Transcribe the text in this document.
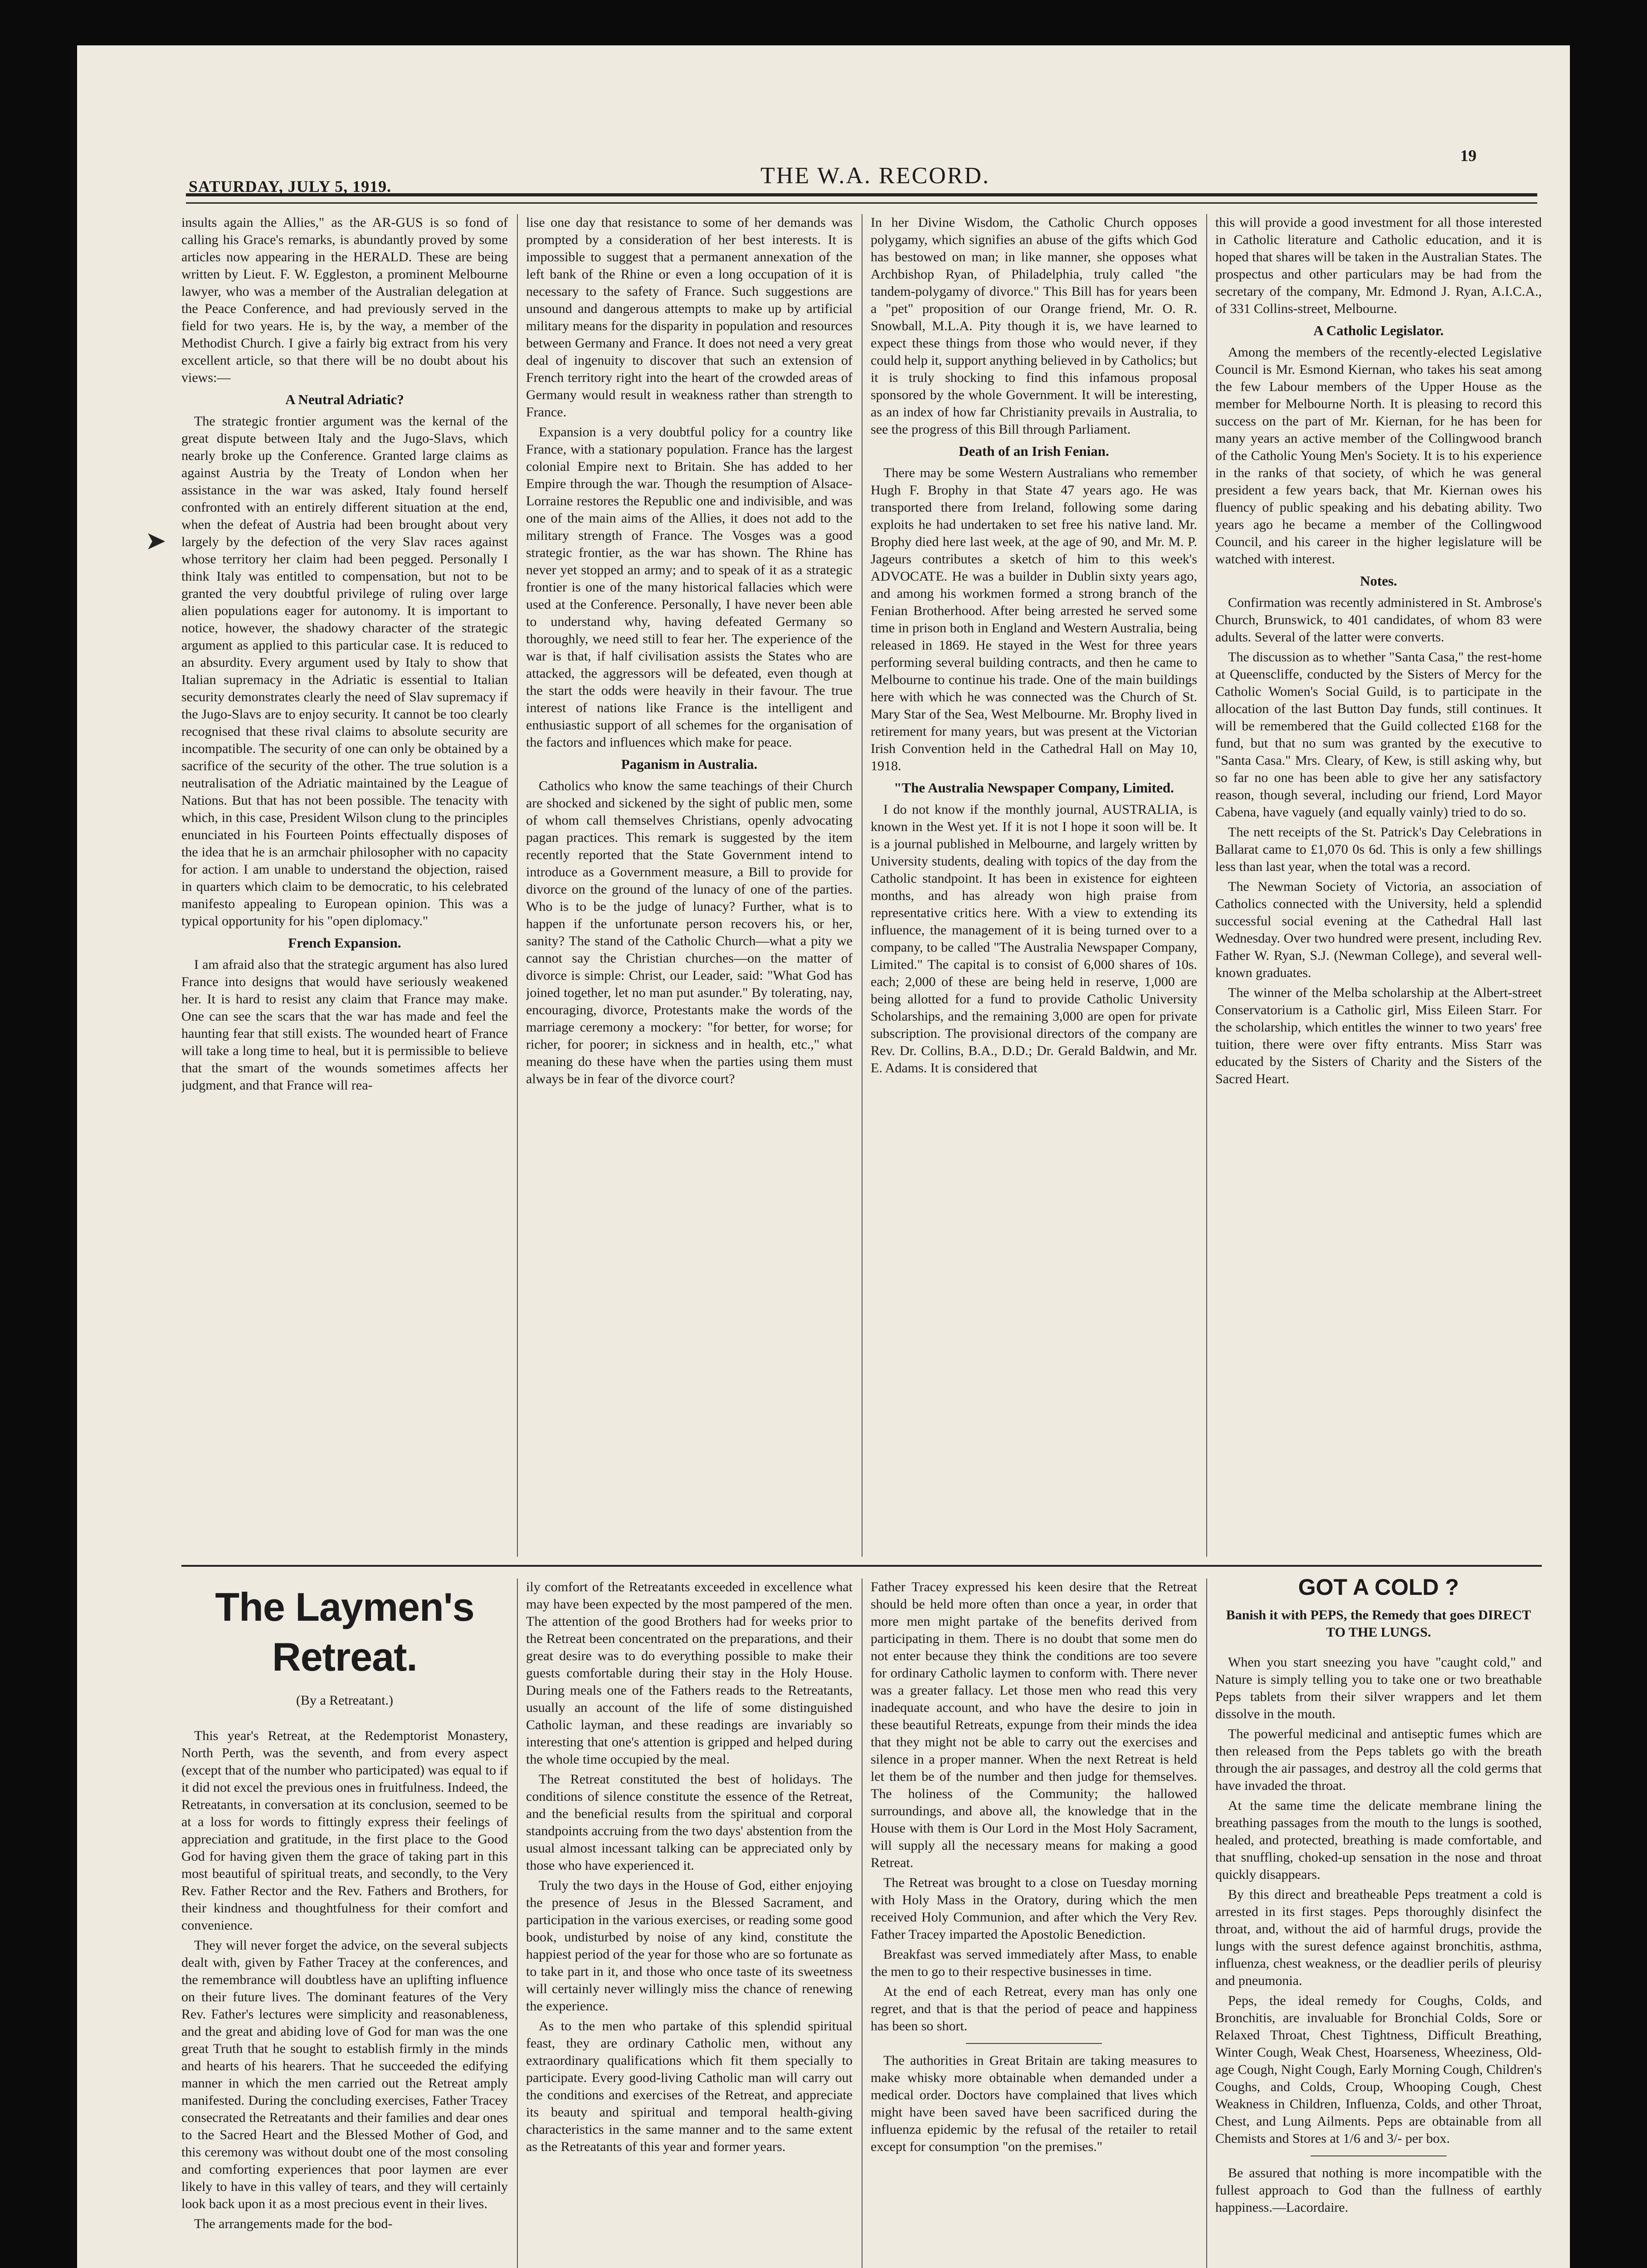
SATURDAY, JULY 5, 1919.	THE W.A. RECORD.
19

insults again the Allies," as the AR-GUS is so fond of calling his Grace's remarks, is abundantly proved by some articles now appearing in the HERALD. These are being written by Lieut. F. W. Eggleston, a prominent Melbourne lawyer, who was a member of the Australian delegation at the Peace Conference, and had previously served in the field for two years. He is, by the way, a member of the Methodist Church. I give a fairly big extract from his very excellent article, so that there will be no doubt about his views:—

A Neutral Adriatic?

The strategic frontier argument was the kernal of the great dispute between Italy and the Jugo-Slavs, which nearly broke up the Conference. Granted large claims as against Austria by the Treaty of London when her assistance in the war was asked, Italy found herself confronted with an entirely different situation at the end, when the defeat of Austria had been brought about very largely by the defection of the very Slav races against whose territory her claim had been pegged. Personally I think Italy was entitled to compensation, but not to be granted the very doubtful privilege of ruling over large alien populations eager for autonomy. It is important to notice, however, the shadowy character of the strategic argument as applied to this particular case. It is reduced to an absurdity. Every argument used by Italy to show that Italian supremacy in the Adriatic is essential to Italian security demonstrates clearly the need of Slav supremacy if the Jugo-Slavs are to enjoy security. It cannot be too clearly recognised that these rival claims to absolute security are incompatible. The security of one can only be obtained by a sacrifice of the security of the other. The true solution is a neutralisation of the Adriatic maintained by the League of Nations. But that has not been possible. The tenacity with which, in this case, President Wilson clung to the principles enunciated in his Fourteen Points effectually disposes of the idea that he is an armchair philosopher with no capacity for action. I am unable to understand the objection, raised in quarters which claim to be democratic, to his celebrated manifesto appealing to European opinion. This was a typical opportunity for his "open diplomacy."

French Expansion.

I am afraid also that the strategic argument has also lured France into designs that would have seriously weakened her. It is hard to resist any claim that France may make. One can see the scars that the war has made and feel the haunting fear that still exists. The wounded heart of France will take a long time to heal, but it is permissible to believe that the smart of the wounds sometimes affects her judgment, and that France will rea-

lise one day that resistance to some of her demands was prompted by a consideration of her best interests. It is impossible to suggest that a permanent annexation of the left bank of the Rhine or even a long occupation of it is necessary to the safety of France. Such suggestions are unsound and dangerous attempts to make up by artificial military means for the disparity in population and resources between Germany and France. It does not need a very great deal of ingenuity to discover that such an extension of French territory right into the heart of the crowded areas of Germany would result in weakness rather than strength to France.

Expansion is a very doubtful policy for a country like France, with a stationary population. France has the largest colonial Empire next to Britain. She has added to her Empire through the war. Though the resumption of Alsace-Lorraine restores the Republic one and indivisible, and was one of the main aims of the Allies, it does not add to the military strength of France. The Vosges was a good strategic frontier, as the war has shown. The Rhine has never yet stopped an army; and to speak of it as a strategic frontier is one of the many historical fallacies which were used at the Conference. Personally, I have never been able to understand why, having defeated Germany so thoroughly, we need still to fear her. The experience of the war is that, if half civilisation assists the States who are attacked, the aggressors will be defeated, even though at the start the odds were heavily in their favour. The true interest of nations like France is the intelligent and enthusiastic support of all schemes for the organisation of the factors and influences which make for peace.

Paganism in Australia.

Catholics who know the same teachings of their Church are shocked and sickened by the sight of public men, some of whom call themselves Christians, openly advocating pagan practices. This remark is suggested by the item recently reported that the State Government intend to introduce as a Government measure, a Bill to provide for divorce on the ground of the lunacy of one of the parties. Who is to be the judge of lunacy? Further, what is to happen if the unfortunate person recovers his, or her, sanity? The stand of the Catholic Church—what a pity we cannot say the Christian churches—on the matter of divorce is simple: Christ, our Leader, said: "What God has joined together, let no man put asunder." By tolerating, nay, encouraging, divorce, Protestants make the words of the marriage ceremony a mockery: "for better, for worse; for richer, for poorer; in sickness and in health, etc.," what meaning do these have when the parties using them must always be in fear of the divorce court?

In her Divine Wisdom, the Catholic Church opposes polygamy, which signifies an abuse of the gifts which God has bestowed on man; in like manner, she opposes what Archbishop Ryan, of Philadelphia, truly called "the tandem-polygamy of divorce." This Bill has for years been a "pet" proposition of our Orange friend, Mr. O. R. Snowball, M.L.A. Pity though it is, we have learned to expect these things from those who would never, if they could help it, support anything believed in by Catholics; but it is truly shocking to find this infamous proposal sponsored by the whole Government. It will be interesting, as an index of how far Christianity prevails in Australia, to see the progress of this Bill through Parliament.

Death of an Irish Fenian.

There may be some Western Australians who remember Hugh F. Brophy in that State 47 years ago. He was transported there from Ireland, following some daring exploits he had undertaken to set free his native land. Mr. Brophy died here last week, at the age of 90, and Mr. M. P. Jageurs contributes a sketch of him to this week's ADVOCATE. He was a builder in Dublin sixty years ago, and among his workmen formed a strong branch of the Fenian Brotherhood. After being arrested he served some time in prison both in England and Western Australia, being released in 1869. He stayed in the West for three years performing several building contracts, and then he came to Melbourne to continue his trade. One of the main buildings here with which he was connected was the Church of St. Mary Star of the Sea, West Melbourne. Mr. Brophy lived in retirement for many years, but was present at the Victorian Irish Convention held in the Cathedral Hall on May 10, 1918.

"The Australia Newspaper Company, Limited.

I do not know if the monthly journal, AUSTRALIA, is known in the West yet. If it is not I hope it soon will be. It is a journal published in Melbourne, and largely written by University students, dealing with topics of the day from the Catholic standpoint. It has been in existence for eighteen months, and has already won high praise from representative critics here. With a view to extending its influence, the management of it is being turned over to a company, to be called "The Australia Newspaper Company, Limited." The capital is to consist of 6,000 shares of 10s. each; 2,000 of these are being held in reserve, 1,000 are being allotted for a fund to provide Catholic University Scholarships, and the remaining 3,000 are open for private subscription. The provisional directors of the company are Rev. Dr. Collins, B.A., D.D.; Dr. Gerald Baldwin, and Mr. E. Adams. It is considered that

this will provide a good investment for all those interested in Catholic literature and Catholic education, and it is hoped that shares will be taken in the Australian States. The prospectus and other particulars may be had from the secretary of the company, Mr. Edmond J. Ryan, A.I.C.A., of 331 Collins-street, Melbourne.

A Catholic Legislator.

Among the members of the recently-elected Legislative Council is Mr. Esmond Kiernan, who takes his seat among the few Labour members of the Upper House as the member for Melbourne North. It is pleasing to record this success on the part of Mr. Kiernan, for he has been for many years an active member of the Collingwood branch of the Catholic Young Men's Society. It is to his experience in the ranks of that society, of which he was general president a few years back, that Mr. Kiernan owes his fluency of public speaking and his debating ability. Two years ago he became a member of the Collingwood Council, and his career in the higher legislature will be watched with interest.

Notes.

Confirmation was recently administered in St. Ambrose's Church, Brunswick, to 401 candidates, of whom 83 were adults. Several of the latter were converts.

The discussion as to whether "Santa Casa," the rest-home at Queenscliffe, conducted by the Sisters of Mercy for the Catholic Women's Social Guild, is to participate in the allocation of the last Button Day funds, still continues. It will be remembered that the Guild collected £168 for the fund, but that no sum was granted by the executive to "Santa Casa." Mrs. Cleary, of Kew, is still asking why, but so far no one has been able to give her any satisfactory reason, though several, including our friend, Lord Mayor Cabena, have vaguely (and equally vainly) tried to do so.

The nett receipts of the St. Patrick's Day Celebrations in Ballarat came to £1,070 0s 6d. This is only a few shillings less than last year, when the total was a record.

The Newman Society of Victoria, an association of Catholics connected with the University, held a splendid successful social evening at the Cathedral Hall last Wednesday. Over two hundred were present, including Rev. Father W. Ryan, S.J. (Newman College), and several well-known graduates.

The winner of the Melba scholarship at the Albert-street Conservatorium is a Catholic girl, Miss Eileen Starr. For the scholarship, which entitles the winner to two years' free tuition, there were over fifty entrants. Miss Starr was educated by the Sisters of Charity and the Sisters of the Sacred Heart.

The Laymen's Retreat.
(By a Retreatant.)

This year's Retreat, at the Redemptorist Monastery, North Perth, was the seventh, and from every aspect (except that of the number who participated) was equal to if it did not excel the previous ones in fruitfulness. Indeed, the Retreatants, in conversation at its conclusion, seemed to be at a loss for words to fittingly express their feelings of appreciation and gratitude, in the first place to the Good God for having given them the grace of taking part in this most beautiful of spiritual treats, and secondly, to the Very Rev. Father Rector and the Rev. Fathers and Brothers, for their kindness and thoughtfulness for their comfort and convenience.

They will never forget the advice, on the several subjects dealt with, given by Father Tracey at the conferences, and the remembrance will doubtless have an uplifting influence on their future lives. The dominant features of the Very Rev. Father's lectures were simplicity and reasonableness, and the great and abiding love of God for man was the one great Truth that he sought to establish firmly in the minds and hearts of his hearers. That he succeeded the edifying manner in which the men carried out the Retreat amply manifested. During the concluding exercises, Father Tracey consecrated the Retreatants and their families and dear ones to the Sacred Heart and the Blessed Mother of God, and this ceremony was without doubt one of the most consoling and comforting experiences that poor laymen are ever likely to have in this valley of tears, and they will certainly look back upon it as a most precious event in their lives.

The arrangements made for the bod-

ily comfort of the Retreatants exceeded in excellence what may have been expected by the most pampered of the men. The attention of the good Brothers had for weeks prior to the Retreat been concentrated on the preparations, and their great desire was to do everything possible to make their guests comfortable during their stay in the Holy House. During meals one of the Fathers reads to the Retreatants, usually an account of the life of some distinguished Catholic layman, and these readings are invariably so interesting that one's attention is gripped and helped during the whole time occupied by the meal.

The Retreat constituted the best of holidays. The conditions of silence constitute the essence of the Retreat, and the beneficial results from the spiritual and corporal standpoints accruing from the two days' abstention from the usual almost incessant talking can be appreciated only by those who have experienced it.

Truly the two days in the House of God, either enjoying the presence of Jesus in the Blessed Sacrament, and participation in the various exercises, or reading some good book, undisturbed by noise of any kind, constitute the happiest period of the year for those who are so fortunate as to take part in it, and those who once taste of its sweetness will certainly never willingly miss the chance of renewing the experience.

As to the men who partake of this splendid spiritual feast, they are ordinary Catholic men, without any extraordinary qualifications which fit them specially to participate. Every good-living Catholic man will carry out the conditions and exercises of the Retreat, and appreciate its beauty and spiritual and temporal health-giving characteristics in the same manner and to the same extent as the Retreatants of this year and former years.

Father Tracey expressed his keen desire that the Retreat should be held more often than once a year, in order that more men might partake of the benefits derived from participating in them. There is no doubt that some men do not enter because they think the conditions are too severe for ordinary Catholic laymen to conform with. There never was a greater fallacy. Let those men who read this very inadequate account, and who have the desire to join in these beautiful Retreats, expunge from their minds the idea that they might not be able to carry out the exercises and silence in a proper manner. When the next Retreat is held let them be of the number and then judge for themselves. The holiness of the Community; the hallowed surroundings, and above all, the knowledge that in the House with them is Our Lord in the Most Holy Sacrament, will supply all the necessary means for making a good Retreat.

The Retreat was brought to a close on Tuesday morning with Holy Mass in the Oratory, during which the men received Holy Communion, and after which the Very Rev. Father Tracey imparted the Apostolic Benediction.

Breakfast was served immediately after Mass, to enable the men to go to their respective businesses in time.

At the end of each Retreat, every man has only one regret, and that is that the period of peace and happiness has been so short.

The authorities in Great Britain are taking measures to make whisky more obtainable when demanded under a medical order. Doctors have complained that lives which might have been saved have been sacrificed during the influenza epidemic by the refusal of the retailer to retail except for consumption "on the premises."

GOT A COLD ?
Banish it with PEPS, the Remedy that goes DIRECT TO THE LUNGS.

When you start sneezing you have "caught cold," and Nature is simply telling you to take one or two breathable Peps tablets from their silver wrappers and let them dissolve in the mouth.

The powerful medicinal and antiseptic fumes which are then released from the Peps tablets go with the breath through the air passages, and destroy all the cold germs that have invaded the throat.

At the same time the delicate membrane lining the breathing passages from the mouth to the lungs is soothed, healed, and protected, breathing is made comfortable, and that snuffling, choked-up sensation in the nose and throat quickly disappears.

By this direct and breatheable Peps treatment a cold is arrested in its first stages. Peps thoroughly disinfect the throat, and, without the aid of harmful drugs, provide the lungs with the surest defence against bronchitis, asthma, influenza, chest weakness, or the deadlier perils of pleurisy and pneumonia.

Peps, the ideal remedy for Coughs, Colds, and Bronchitis, are invaluable for Bronchial Colds, Sore or Relaxed Throat, Chest Tightness, Difficult Breathing, Winter Cough, Weak Chest, Hoarseness, Wheeziness, Old-age Cough, Night Cough, Early Morning Cough, Children's Coughs, and Colds, Croup, Whooping Cough, Chest Weakness in Children, Influenza, Colds, and other Throat, Chest, and Lung Ailments. Peps are obtainable from all Chemists and Stores at 1/6 and 3/- per box.

Be assured that nothing is more incompatible with the fullest approach to God than the fullness of earthly happiness.—Lacordaire.

➤
